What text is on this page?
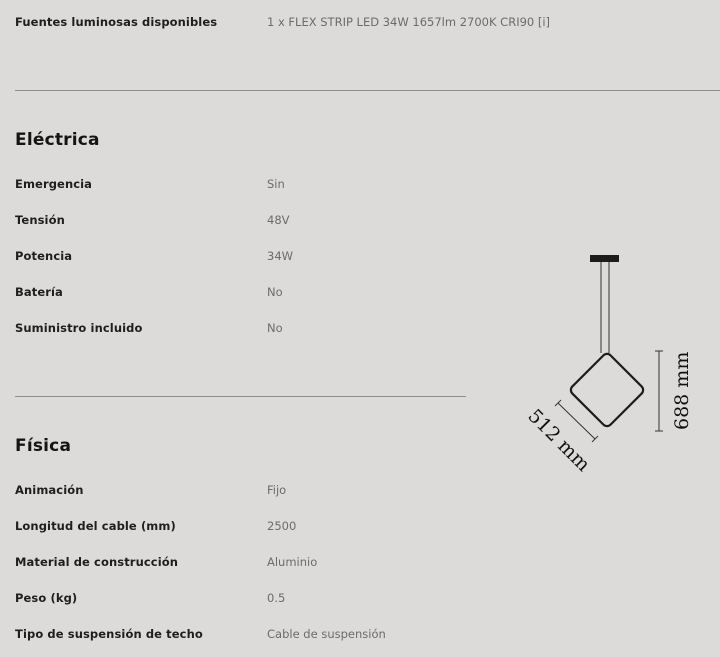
Fuentes luminosas disponibles	1 x FLEX STRIP LED 34W 1657lm 2700K CRI90 [i]
Eléctrica
Emergencia	Sin
Tensión	48V
Potencia	34W
Batería	No
Suministro incluido	No
Física
Animación	Fijo
Longitud del cable (mm)	2500
Material de construcción	Aluminio
Peso (kg)	0.5
Tipo de suspensión de techo	Cable de suspensión
688 mm
512 mm
